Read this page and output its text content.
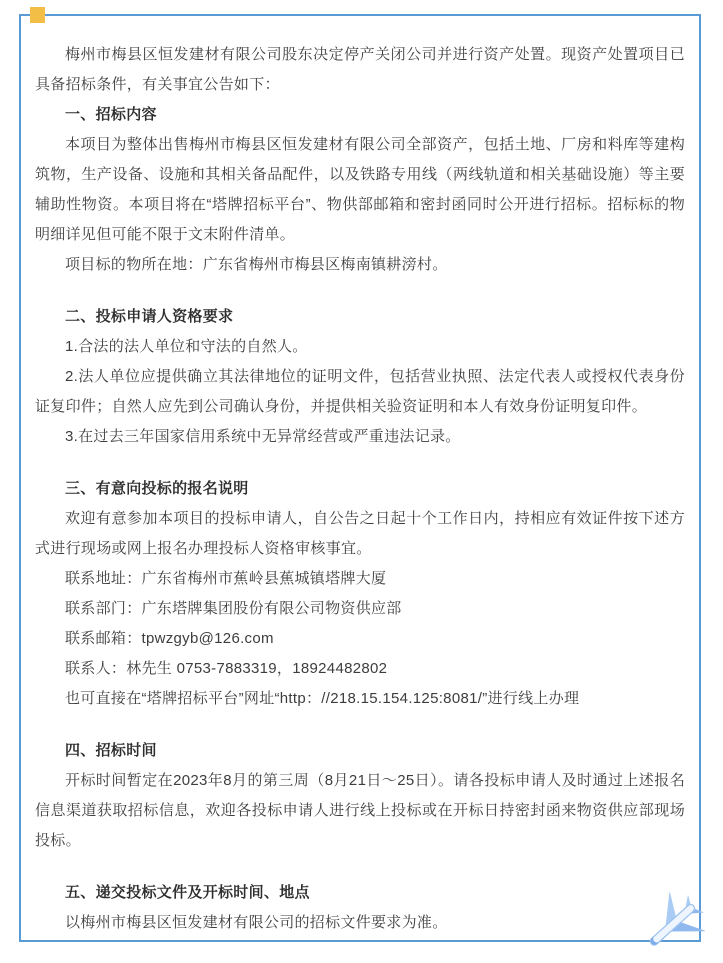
梅州市梅县区恒发建材有限公司股东决定停产关闭公司并进行资产处置。现资产处置项目已具备招标条件，有关事宜公告如下：

一、招标内容

本项目为整体出售梅州市梅县区恒发建材有限公司全部资产，包括土地、厂房和料库等建构筑物，生产设备、设施和其相关备品配件，以及铁路专用线（两线轨道和相关基础设施）等主要辅助性物资。本项目将在“塔牌招标平台”、物供部邮箱和密封函同时公开进行招标。招标标的物明细详见但可能不限于文末附件清单。

项目标的物所在地：广东省梅州市梅县区梅南镇耕滂村。

二、投标申请人资格要求

1.合法的法人单位和守法的自然人。

2.法人单位应提供确立其法律地位的证明文件，包括营业执照、法定代表人或授权代表身份证复印件；自然人应先到公司确认身份，并提供相关验资证明和本人有效身份证明复印件。

3.在过去三年国家信用系统中无异常经营或严重违法记录。

三、有意向投标的报名说明

欢迎有意参加本项目的投标申请人，自公告之日起十个工作日内，持相应有效证件按下述方式进行现场或网上报名办理投标人资格审核事宜。

联系地址：广东省梅州市蕉岭县蕉城镇塔牌大厦

联系部门：广东塔牌集团股份有限公司物资供应部

联系邮箱：tpwzgyb@126.com

联系人：林先生 0753-7883319，18924482802

也可直接在“塔牌招标平台”网址“http：//218.15.154.125:8081/”进行线上办理

四、招标时间

开标时间暂定在2023年8月的第三周（8月21日～25日）。请各投标申请人及时通过上述报名信息渠道获取招标信息，欢迎各投标申请人进行线上投标或在开标日持密封函来物资供应部现场投标。

五、递交投标文件及开标时间、地点

以梅州市梅县区恒发建材有限公司的招标文件要求为准。
